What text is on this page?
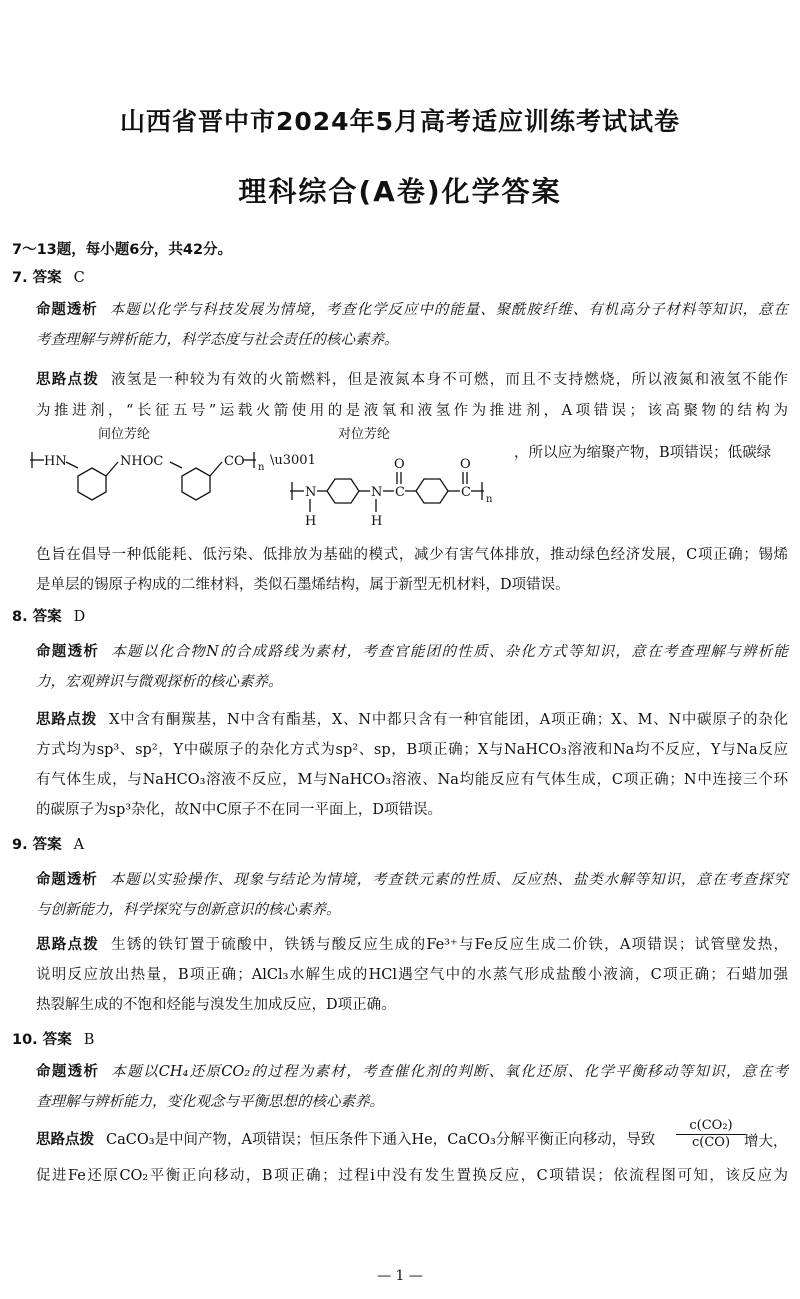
山西省晋中市2024年5月高考适应训练考试试卷
理科综合(A卷)化学答案
7～13题，每小题6分，共42分。
7. 答案 C
命题透析 本题以化学与科技发展为情境，考查化学反应中的能量、聚酰胺纤维、有机高分子材料等知识，意在
考查理解与辨析能力，科学态度与社会责任的核心素养。
思路点拨 液氢是一种较为有效的火箭燃料，但是液氮本身不可燃，而且不支持燃烧，所以液氮和液氢不能作
为推进剂，“长征五号”运载火箭使用的是液氧和液氢作为推进剂，A项错误；该高聚物的结构为
间位芳纶
HN	NHOC	CO n \u3001
对位芳纶
N
H
N
H
C
O
C
O
n
，所以应为缩聚产物，B项错误；低碳绿
色旨在倡导一种低能耗、低污染、低排放为基础的模式，减少有害气体排放，推动绿色经济发展，C项正确；锡烯
是单层的锡原子构成的二维材料，类似石墨烯结构，属于新型无机材料，D项错误。
8. 答案 D
命题透析 本题以化合物N的合成路线为素材，考查官能团的性质、杂化方式等知识，意在考查理解与辨析能
力，宏观辨识与微观探析的核心素养。
思路点拨 X中含有酮羰基，N中含有酯基，X、N中都只含有一种官能团，A项正确；X、M、N中碳原子的杂化
方式均为sp³、sp²，Y中碳原子的杂化方式为sp²、sp，B项正确；X与NaHCO₃溶液和Na均不反应，Y与Na反应
有气体生成，与NaHCO₃溶液不反应，M与NaHCO₃溶液、Na均能反应有气体生成，C项正确；N中连接三个环
的碳原子为sp³杂化，故N中C原子不在同一平面上，D项错误。
9. 答案 A
命题透析 本题以实验操作、现象与结论为情境，考查铁元素的性质、反应热、盐类水解等知识，意在考查探究
与创新能力，科学探究与创新意识的核心素养。
思路点拨 生锈的铁钉置于硫酸中，铁锈与酸反应生成的Fe³⁺与Fe反应生成二价铁，A项错误；试管壁发热，
说明反应放出热量，B项正确；AlCl₃水解生成的HCl遇空气中的水蒸气形成盐酸小液滴，C项正确；石蜡加强
热裂解生成的不饱和烃能与溴发生加成反应，D项正确。
10. 答案 B
命题透析 本题以CH₄还原CO₂的过程为素材，考查催化剂的判断、氧化还原、化学平衡移动等知识，意在考
查理解与辨析能力，变化观念与平衡思想的核心素养。
思路点拨 CaCO₃是中间产物，A项错误；恒压条件下通入He，CaCO₃分解平衡正向移动，导致	$\frac{\text{c(CO₂)}}{c(CO)}$
增大，
促进Fe还原CO₂平衡正向移动，B项正确；过程ⅰ中没有发生置换反应，C项错误；依流程图可知，该反应为
— 1 —
